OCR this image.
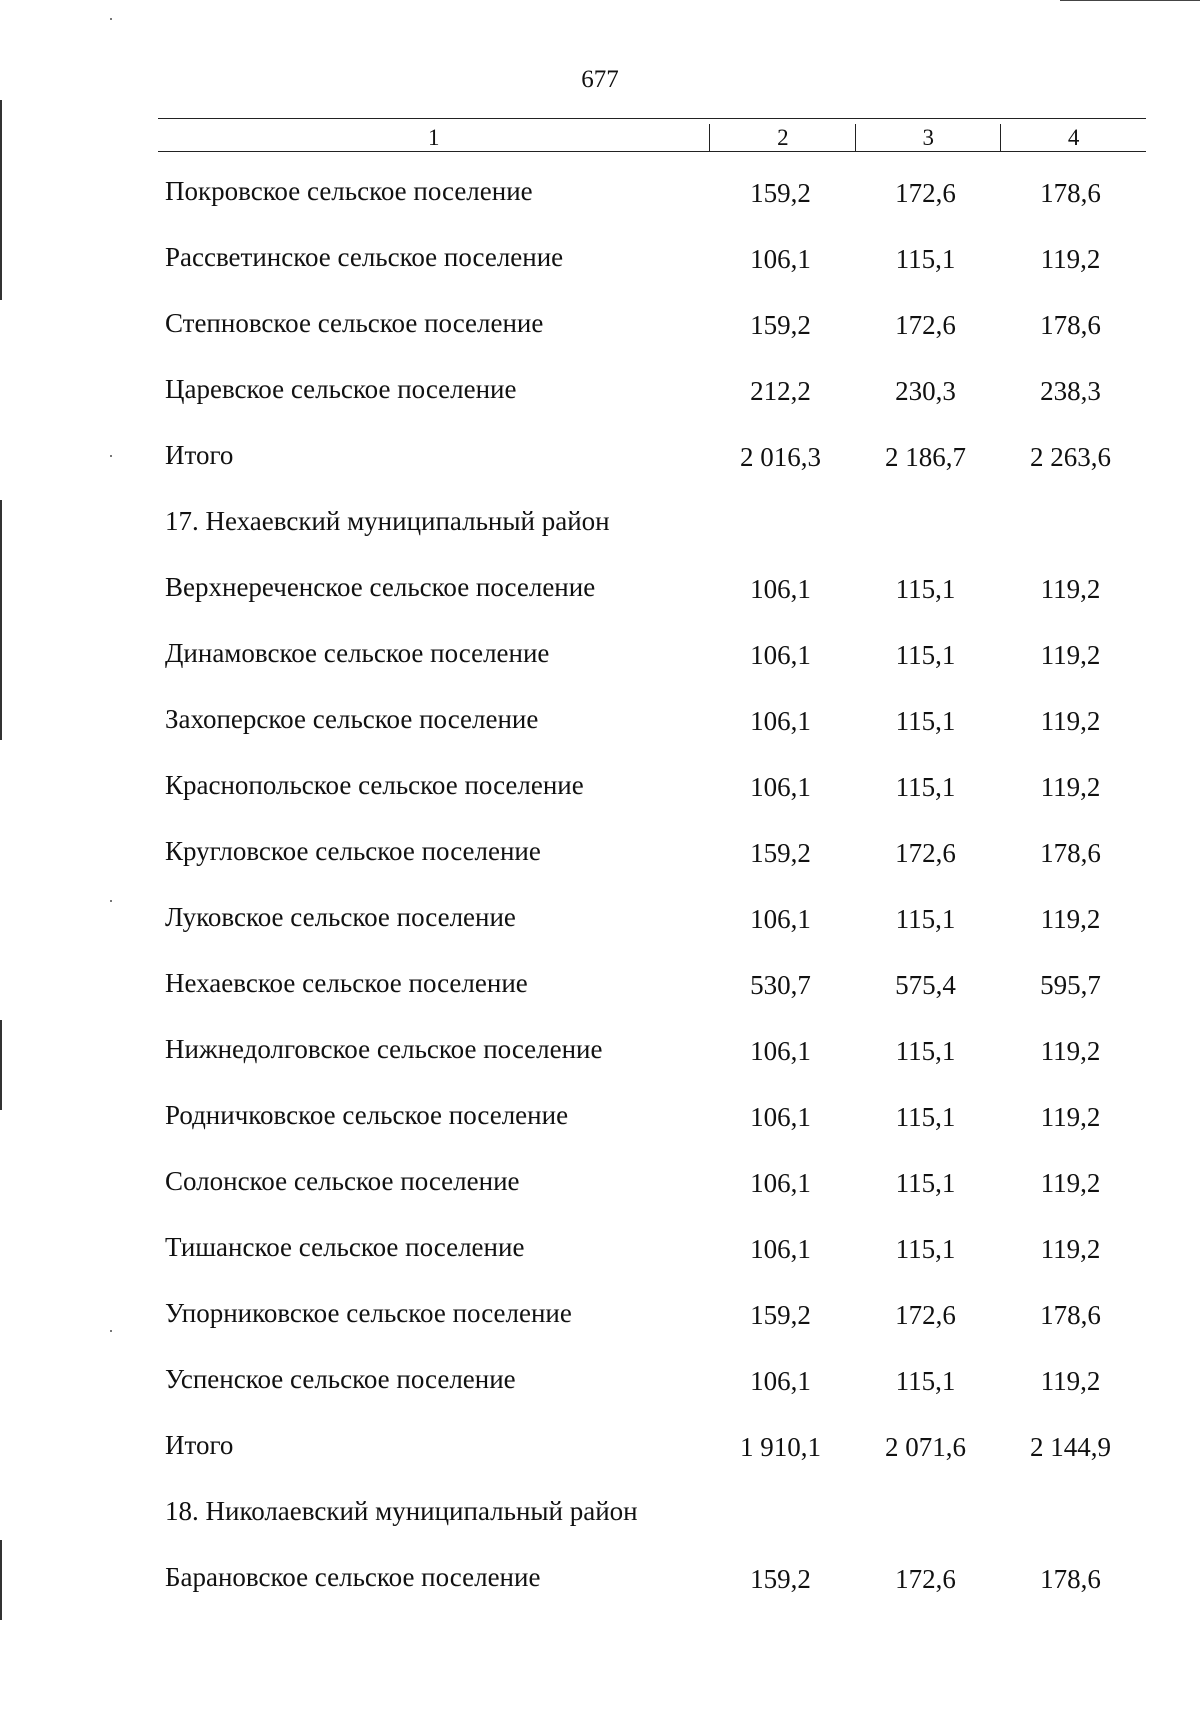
677
1	2	3	4
Покровское сельское поселение	159,2	172,6	178,6
Рассветинское сельское поселение	106,1	115,1	119,2
Степновское сельское поселение	159,2	172,6	178,6
Царевское сельское поселение	212,2	230,3	238,3
Итого	2 016,3	2 186,7	2 263,6
17. Нехаевский муниципальный район
Верхнереченское сельское поселение	106,1	115,1	119,2
Динамовское сельское поселение	106,1	115,1	119,2
Захоперское сельское поселение	106,1	115,1	119,2
Краснопольское сельское поселение	106,1	115,1	119,2
Кругловское сельское поселение	159,2	172,6	178,6
Луковское сельское поселение	106,1	115,1	119,2
Нехаевское сельское поселение	530,7	575,4	595,7
Нижнедолговское сельское поселение	106,1	115,1	119,2
Родничковское сельское поселение	106,1	115,1	119,2
Солонское сельское поселение	106,1	115,1	119,2
Тишанское сельское поселение	106,1	115,1	119,2
Упорниковское сельское поселение	159,2	172,6	178,6
Успенское сельское поселение	106,1	115,1	119,2
Итого	1 910,1	2 071,6	2 144,9
18. Николаевский муниципальный район
Барановское сельское поселение	159,2	172,6	178,6
